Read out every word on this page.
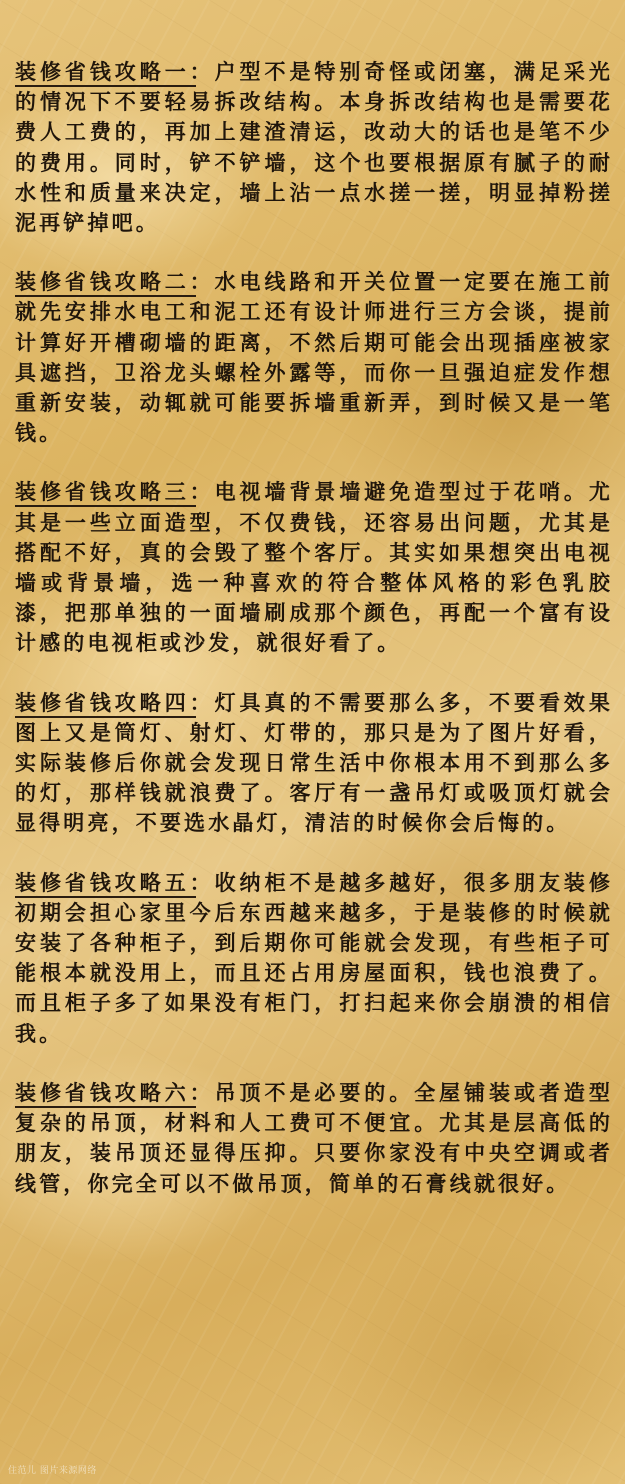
装修省钱攻略一：户型不是特别奇怪或闭塞，满足采光的情况下不要轻易拆改结构。本身拆改结构也是需要花费人工费的，再加上建渣清运，改动大的话也是笔不少的费用。同时，铲不铲墙，这个也要根据原有腻子的耐水性和质量来决定，墙上沾一点水搓一搓，明显掉粉搓泥再铲掉吧。

装修省钱攻略二：水电线路和开关位置一定要在施工前就先安排水电工和泥工还有设计师进行三方会谈，提前计算好开槽砌墙的距离，不然后期可能会出现插座被家具遮挡，卫浴龙头螺栓外露等，而你一旦强迫症发作想重新安装，动辄就可能要拆墙重新弄，到时候又是一笔钱。

装修省钱攻略三：电视墙背景墙避免造型过于花哨。尤其是一些立面造型，不仅费钱，还容易出问题，尤其是搭配不好，真的会毁了整个客厅。其实如果想突出电视墙或背景墙，选一种喜欢的符合整体风格的彩色乳胶漆，把那单独的一面墙刷成那个颜色，再配一个富有设计感的电视柜或沙发，就很好看了。

装修省钱攻略四：灯具真的不需要那么多，不要看效果图上又是筒灯、射灯、灯带的，那只是为了图片好看，实际装修后你就会发现日常生活中你根本用不到那么多的灯，那样钱就浪费了。客厅有一盏吊灯或吸顶灯就会显得明亮，不要选水晶灯，清洁的时候你会后悔的。

装修省钱攻略五：收纳柜不是越多越好，很多朋友装修初期会担心家里今后东西越来越多，于是装修的时候就安装了各种柜子，到后期你可能就会发现，有些柜子可能根本就没用上，而且还占用房屋面积，钱也浪费了。而且柜子多了如果没有柜门，打扫起来你会崩溃的相信我。

装修省钱攻略六：吊顶不是必要的。全屋铺装或者造型复杂的吊顶，材料和人工费可不便宜。尤其是层高低的朋友，装吊顶还显得压抑。只要你家没有中央空调或者线管，你完全可以不做吊顶，简单的石膏线就很好。

住范儿 图片来源网络
